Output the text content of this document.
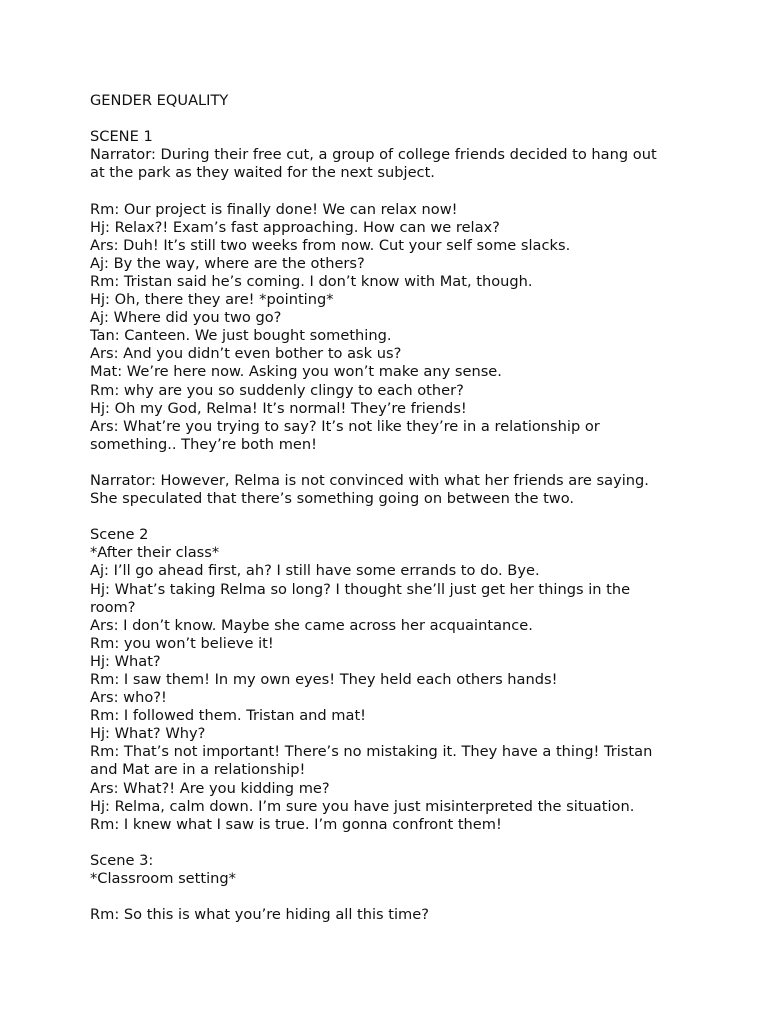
GENDER EQUALITY
SCENE 1
Narrator: During their free cut, a group of college friends decided to hang out
at the park as they waited for the next subject.
Rm: Our project is finally done! We can relax now!
Hj: Relax?! Exam’s fast approaching. How can we relax?
Ars: Duh! It’s still two weeks from now. Cut your self some slacks.
Aj: By the way, where are the others?
Rm: Tristan said he’s coming. I don’t know with Mat, though.
Hj: Oh, there they are! *pointing*
Aj: Where did you two go?
Tan: Canteen. We just bought something.
Ars: And you didn’t even bother to ask us?
Mat: We’re here now. Asking you won’t make any sense.
Rm: why are you so suddenly clingy to each other?
Hj: Oh my God, Relma! It’s normal! They’re friends!
Ars: What’re you trying to say? It’s not like they’re in a relationship or
something.. They’re both men!
Narrator: However, Relma is not convinced with what her friends are saying.
She speculated that there’s something going on between the two.
Scene 2
*After their class*
Aj: I’ll go ahead first, ah? I still have some errands to do. Bye.
Hj: What’s taking Relma so long? I thought she’ll just get her things in the
room?
Ars: I don’t know. Maybe she came across her acquaintance.
Rm: you won’t believe it!
Hj: What?
Rm: I saw them! In my own eyes! They held each others hands!
Ars: who?!
Rm: I followed them. Tristan and mat!
Hj: What? Why?
Rm: That’s not important! There’s no mistaking it. They have a thing! Tristan
and Mat are in a relationship!
Ars: What?! Are you kidding me?
Hj: Relma, calm down. I’m sure you have just misinterpreted the situation.
Rm: I knew what I saw is true. I’m gonna confront them!
Scene 3:
*Classroom setting*
Rm: So this is what you’re hiding all this time?
